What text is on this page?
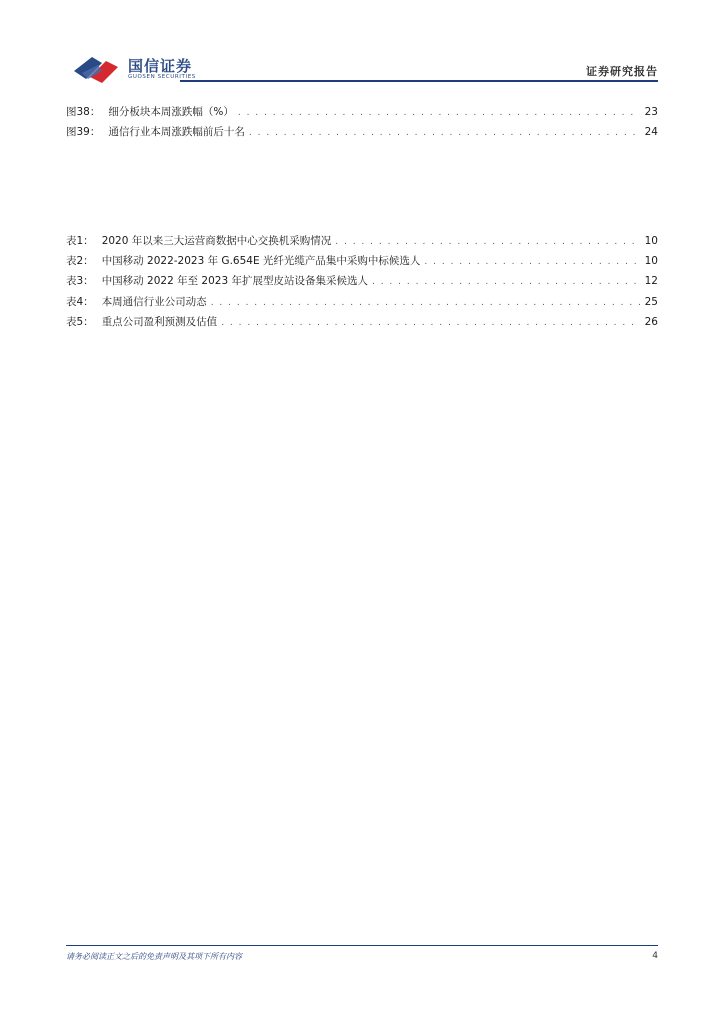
国信证券
GUOSEN SECURITIES	证券研究报告
图38： 细分板块本周涨跌幅（%） . . .	23
图39： 通信行业本周涨跌幅前后十名 . . .	24
表1： 2020 年以来三大运营商数据中心交换机采购情况 . . .	10
表2： 中国移动 2022-2023 年 G.654E 光纤光缆产品集中采购中标候选人 . . .	10
表3： 中国移动 2022 年至 2023 年扩展型皮站设备集采候选人 . . .	12
表4： 本周通信行业公司动态 . . .	25
表5： 重点公司盈利预测及估值 . . .	26
请务必阅读正文之后的免责声明及其项下所有内容	4
